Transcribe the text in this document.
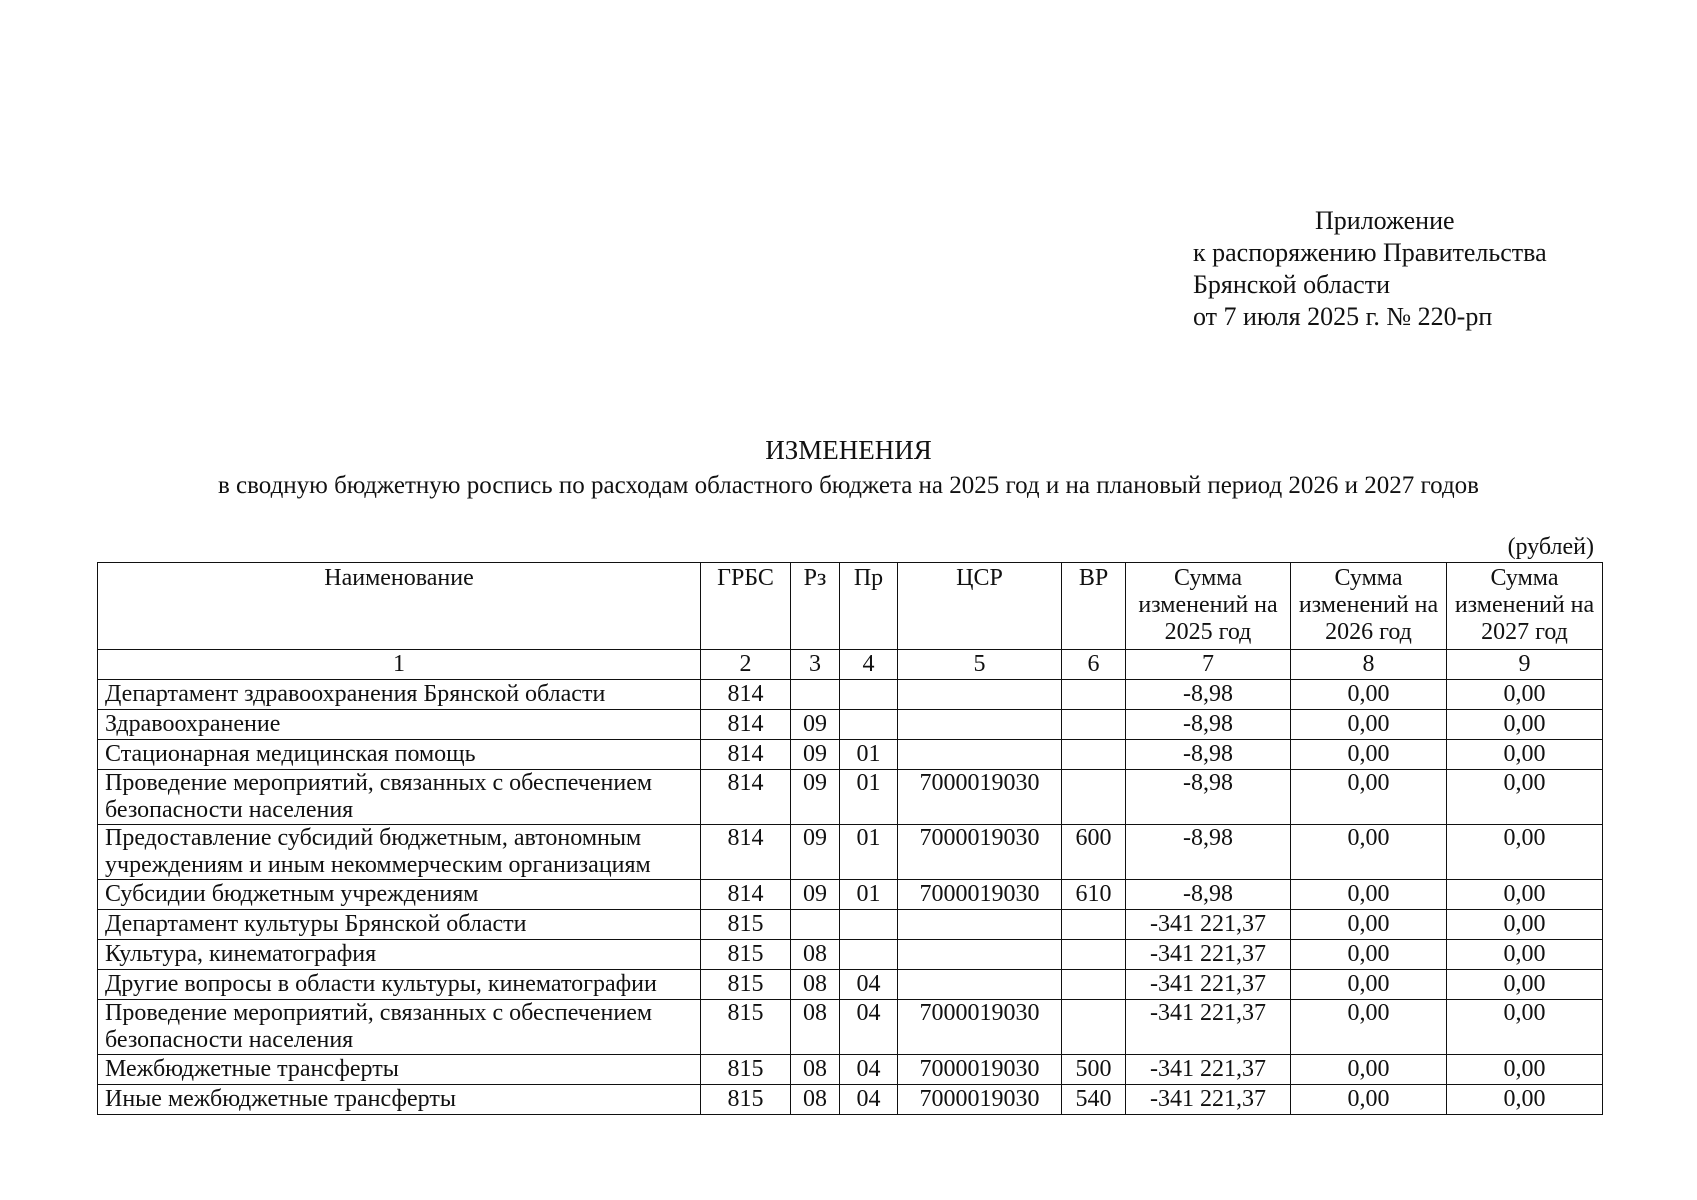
Приложение
к распоряжению Правительства
Брянской области
от 7 июля 2025 г. № 220-рп
ИЗМЕНЕНИЯ
в сводную бюджетную роспись по расходам областного бюджета на 2025 год и на плановый период 2026 и 2027 годов
(рублей)
Наименование	ГРБС	Рз	Пр	ЦСР	ВР	Сумма изменений на 2025 год	Сумма изменений на 2026 год	Сумма изменений на 2027 год
1	2	3	4	5	6	7	8	9
Департамент здравоохранения Брянской области	814					-8,98	0,00	0,00
Здравоохранение	814	09				-8,98	0,00	0,00
Стационарная медицинская помощь	814	09	01			-8,98	0,00	0,00
Проведение мероприятий, связанных с обеспечением безопасности населения	814	09	01	7000019030		-8,98	0,00	0,00
Предоставление субсидий бюджетным, автономным учреждениям и иным некоммерческим организациям	814	09	01	7000019030	600	-8,98	0,00	0,00
Субсидии бюджетным учреждениям	814	09	01	7000019030	610	-8,98	0,00	0,00
Департамент культуры Брянской области	815					-341 221,37	0,00	0,00
Культура, кинематография	815	08				-341 221,37	0,00	0,00
Другие вопросы в области культуры, кинематографии	815	08	04			-341 221,37	0,00	0,00
Проведение мероприятий, связанных с обеспечением безопасности населения	815	08	04	7000019030		-341 221,37	0,00	0,00
Межбюджетные трансферты	815	08	04	7000019030	500	-341 221,37	0,00	0,00
Иные межбюджетные трансферты	815	08	04	7000019030	540	-341 221,37	0,00	0,00
